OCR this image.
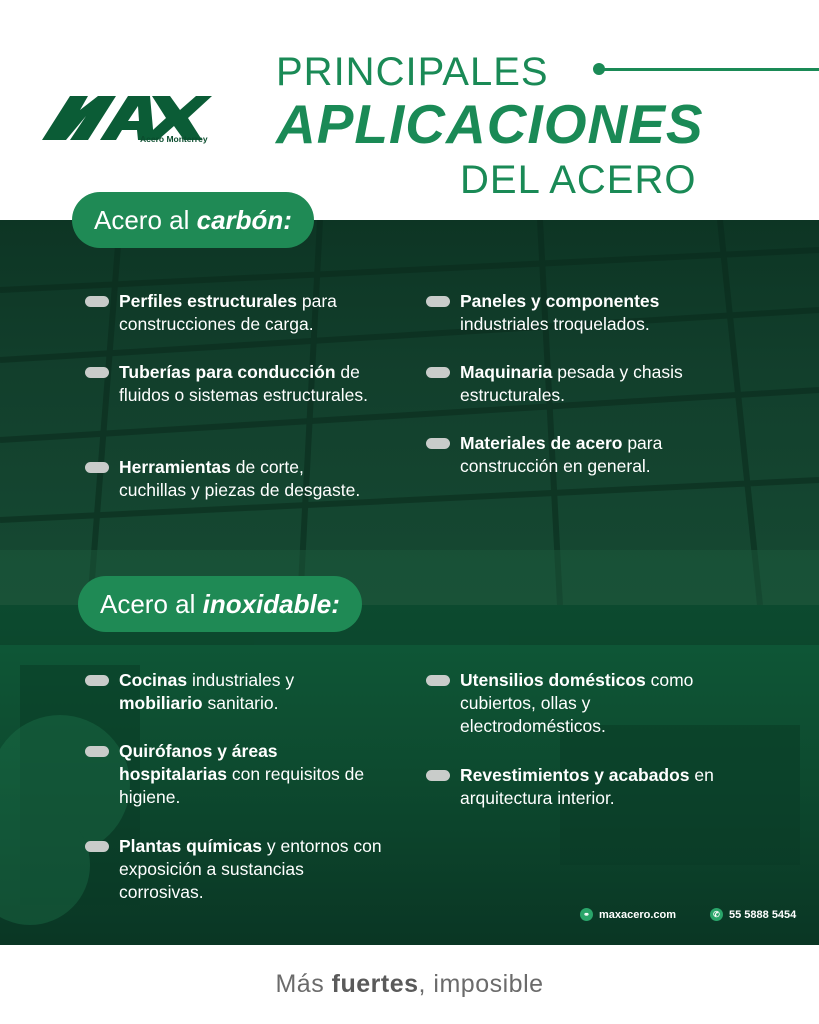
Acero Monterrey
PRINCIPALES
APLICACIONES
DEL ACERO
Acero al carbón:
Acero al inoxidable:
Perfiles estructurales para construcciones de carga.
Tuberías para conducción de fluidos o sistemas estructurales.
Herramientas de corte, cuchillas y piezas de desgaste.
Paneles y componentes industriales troquelados.
Maquinaria pesada y chasis estructurales.
Materiales de acero para construcción en general.
Cocinas industriales y mobiliario sanitario.
Quirófanos y áreas hospitalarias con requisitos de higiene.
Plantas químicas y entornos con exposición a sustancias corrosivas.
Utensilios domésticos como cubiertos, ollas y electrodomésticos.
Revestimientos y acabados en arquitectura interior.
⚭ maxacero.com	✆ 55 5888 5454
Más fuertes, imposible
